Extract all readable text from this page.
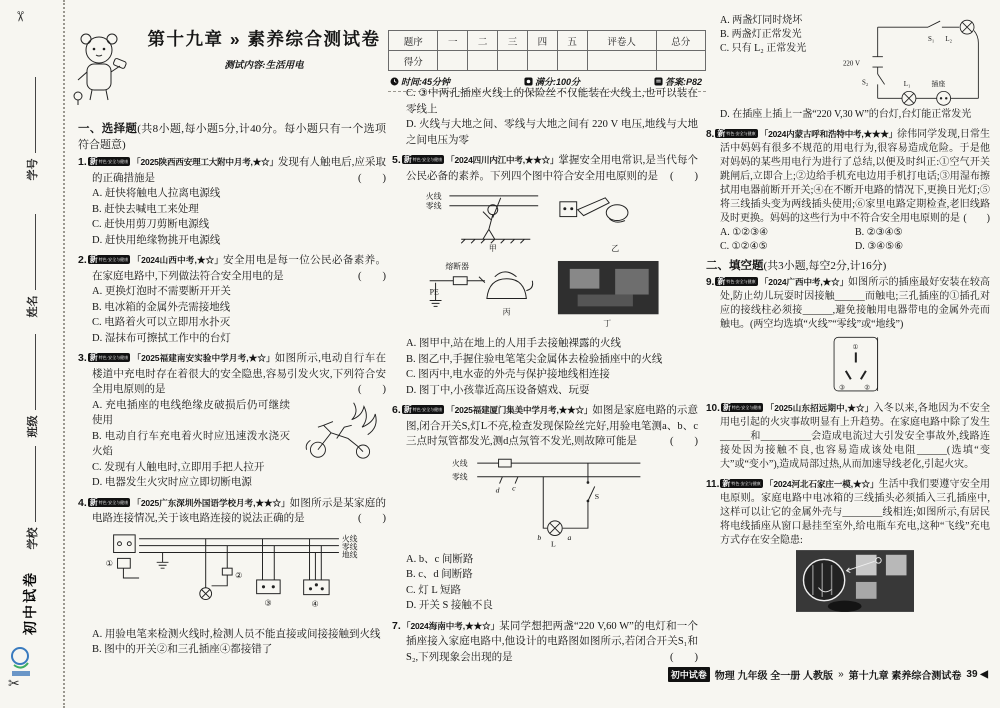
✂
✂
学号
姓名
班级
学校
初中试卷
第十九章 » 素养综合测试卷
测试内容:生活用电
题序	一	二	三	四	五	评卷人	总分
得分							
时间:45分钟	满分:100分	答案:P82
一、选择题(共8小题,每小题5分,计40分。每小题只有一个选项符合题意)
1. 新特色·安全与健康 「2025陕西西安理工大附中月考,★☆」发现有人触电后,应采取的正确措施是	(　　)
A. 赶快将触电人拉离电源线
B. 赶快去喊电工来处理
C. 赶快用剪刀剪断电源线
D. 赶快用绝缘物挑开电源线
2. 新特色·安全与健康 「2024山西中考,★☆」安全用电是每一位公民必备素养。在家庭电路中,下列做法符合安全用电的是	(　　)
A. 更换灯泡时不需要断开开关
B. 电冰箱的金属外壳需接地线
C. 电路着火可以立即用水扑灭
D. 湿抹布可擦拭工作中的台灯
3. 新特色·安全与健康 「2025福建南安实验中学月考,★☆」如图所示,电动自行车在楼道中充电时存在着很大的安全隐患,容易引发火灾,下列符合安全用电原则的是	(　　)
A. 充电插座的电线绝缘皮破损后仍可继续使用
B. 电动自行车充电着火时应迅速泼水浇灭火焰
C. 发现有人触电时,立即用手把人拉开
D. 电器发生火灾时应立即切断电源
4. 新特色·安全与健康 「2025广东深圳外国语学校月考,★★☆」如图所示是某家庭的电路连接情况,关于该电路连接的说法正确的是	(　　)
火线
零线
地线
①
②
③	④
A. 用验电笔来检测火线时,检测人员不能直接或间接接触到火线
B. 图中的开关②和三孔插座④都接错了
C. ③中两孔插座火线上的保险丝不仅能装在火线上,也可以装在零线上
D. 火线与大地之间、零线与大地之间有 220 V 电压,地线与大地之间电压为零
5. 新特色·安全与健康 「2024四川内江中考,★★☆」掌握安全用电常识,是当代每个公民必备的素养。下列四个图中符合安全用电原则的是 (　　)
火线
零线
甲	乙
熔断器
PE
丙
丁
A. 图甲中,站在地上的人用手去接触裸露的火线
B. 图乙中,手握住验电笔笔尖金属体去检验插座中的火线
C. 图丙中,电水壶的外壳与保护接地线相连接
D. 图丁中,小孩靠近高压设备嬉戏、玩耍
6. 新特色·安全与健康 「2025福建厦门集美中学月考,★★☆」如图是家庭电路的示意图,闭合开关S,灯L不亮,检查发现保险丝完好,用验电笔测a、b、c三点时氖管都发光,测d点氖管不发光,则故障可能是	(　　)
火线
零线
d c
b	a
L
S
A. b、c 间断路
B. c、d 间断路
C. 灯 L 短路
D. 开关 S 接触不良
7.「2024海南中考,★★☆」某同学想把两盏“220 V,60 W”的电灯和一个插座接入家庭电路中,他设计的电路图如图所示,若闭合开关S₁和S₂,下列现象会出现的是	(　　)
S₁ L₂
220 V
S₂	L₁	插座
A. 两盏灯同时烧坏
B. 两盏灯正常发光
C. 只有 L₂ 正常发光
D. 在插座上插上一盏“220 V,30 W”的台灯,台灯能正常发光
8. 新特色·安全与健康 「2024内蒙古呼和浩特中考,★★★」徐伟同学发现,日常生活中妈妈有很多不规范的用电行为,很容易造成危险。于是他对妈妈的某些用电行为进行了总结,以便及时纠正:①空气开关跳闸后,立即合上;②边给手机充电边用手机打电话;③用湿布擦拭用电器前断开开关;④在不断开电路的情况下,更换日光灯;⑤将三线插头变为两线插头使用;⑥家里电路定期检查,老旧线路及时更换。妈妈的这些行为中不符合安全用电原则的是 (　　)
A. ①②③④	B. ②③④⑤
C. ①②④⑤	D. ③④⑤⑥
二、填空题(共3小题,每空2分,计16分)
9. 新特色·安全与健康 「2024广西中考,★☆」如图所示的插座最好安装在较高处,防止幼儿玩耍时因接触______而触电;三孔插座的①插孔对应的接线柱必须接______,避免接触用电器带电的金属外壳而触电。(两空均选填“火线”“零线”或“地线”)
①
③ ②
10. 新特色·安全与健康 「2025山东招远期中,★☆」入冬以来,各地因为不安全用电引起的火灾事故明显有上升趋势。在家庭电路中除了发生______和__________会造成电流过大引发安全事故外,线路连接处因为接触不良,也容易造成该处电阻______(选填“变大”或“变小”),造成局部过热,从而加速导线老化,引起火灾。
11. 新特色·安全与健康 「2024河北石家庄一模,★☆」生活中我们要遵守安全用电原则。家庭电路中电冰箱的三线插头必须插入三孔插座中,这样可以让它的金属外壳与________线相连;如图所示,有居民将电线插座从窗口悬挂至室外,给电瓶车充电,这种“飞线”充电方式存在安全隐患:
初中试卷 物理 九年级 全一册 人教版 » 第十九章 素养综合测试卷 39 ◀
